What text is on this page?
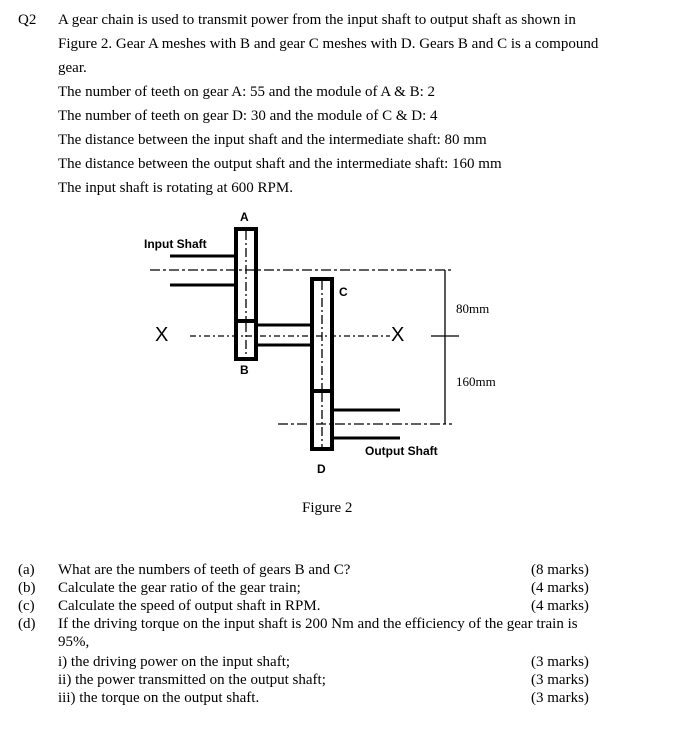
Q2 A gear chain is used to transmit power from the input shaft to output shaft as shown in
Figure 2. Gear A meshes with B and gear C meshes with D. Gears B and C is a compound
gear.
The number of teeth on gear A: 55 and the module of A & B: 2
The number of teeth on gear D: 30 and the module of C & D: 4
The distance between the input shaft and the intermediate shaft: 80 mm
The distance between the output shaft and the intermediate shaft: 160 mm
The input shaft is rotating at 600 RPM.
A
Input Shaft
C
80mm
X	X
B
160mm
Output Shaft
D
Figure 2
(a) What are the numbers of teeth of gears B and C?	(8 marks)
(b) Calculate the gear ratio of the gear train;	(4 marks)
(c) Calculate the speed of output shaft in RPM.	(4 marks)
(d) If the driving torque on the input shaft is 200 Nm and the efficiency of the gear train is
95%,
i) the driving power on the input shaft;	(3 marks)
ii) the power transmitted on the output shaft;	(3 marks)
iii) the torque on the output shaft.	(3 marks)
